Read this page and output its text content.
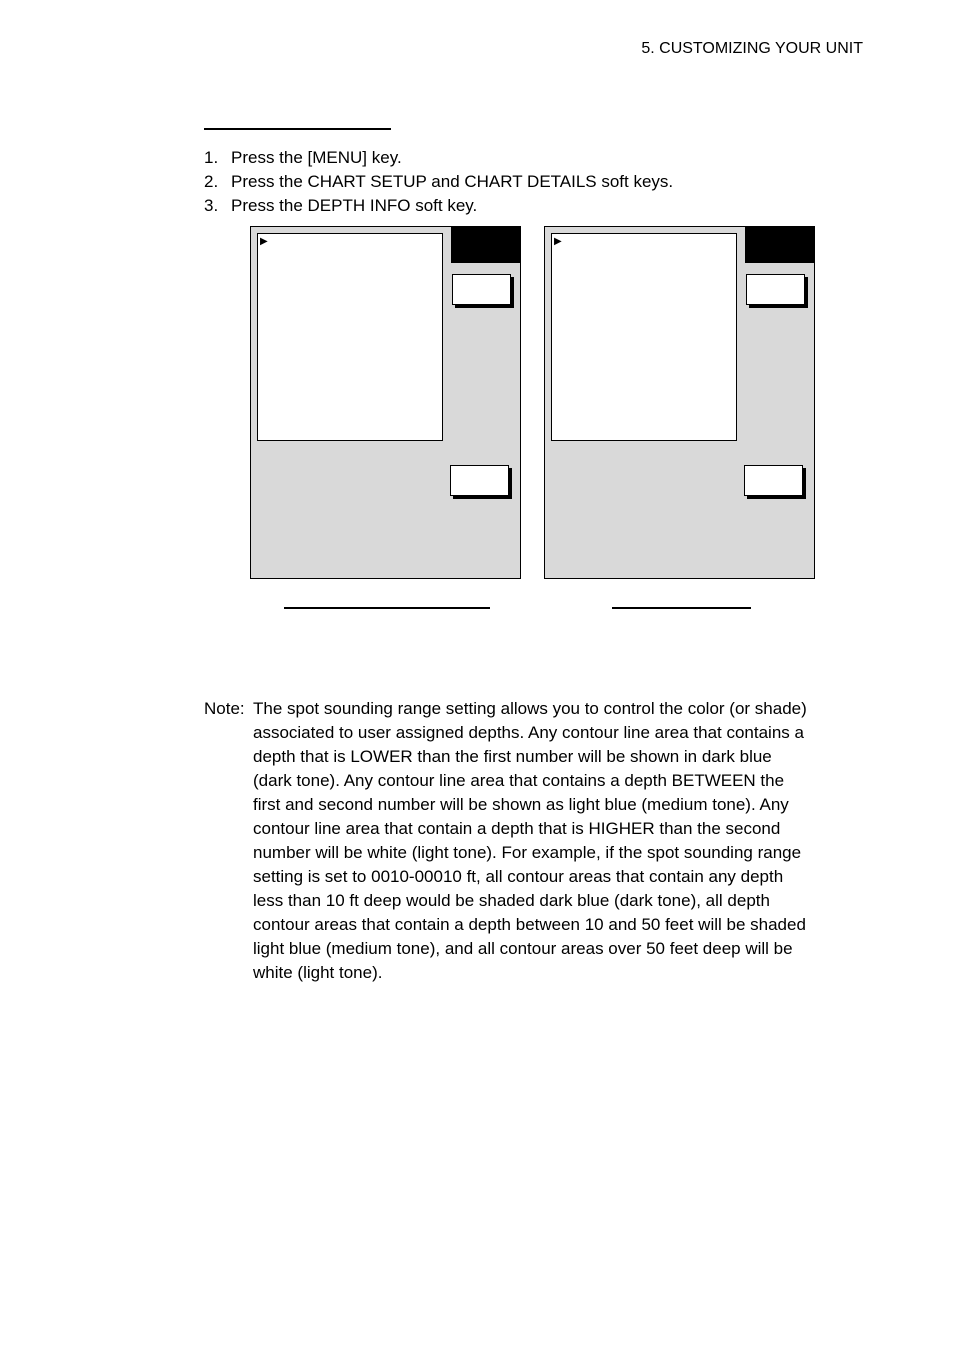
5. CUSTOMIZING YOUR UNIT
1. Press the [MENU] key.
2. Press the CHART SETUP and CHART DETAILS soft keys.
3. Press the DEPTH INFO soft key.
▶	▶
Note: The spot sounding range setting allows you to control the color (or shade)
associated to user assigned depths. Any contour line area that contains a
depth that is LOWER than the first number will be shown in dark blue
(dark tone). Any contour line area that contains a depth BETWEEN the
first and second number will be shown as light blue (medium tone). Any
contour line area that contain a depth that is HIGHER than the second
number will be white (light tone). For example, if the spot sounding range
setting is set to 0010-00010 ft, all contour areas that contain any depth
less than 10 ft deep would be shaded dark blue (dark tone), all depth
contour areas that contain a depth between 10 and 50 feet will be shaded
light blue (medium tone), and all contour areas over 50 feet deep will be
white (light tone).
